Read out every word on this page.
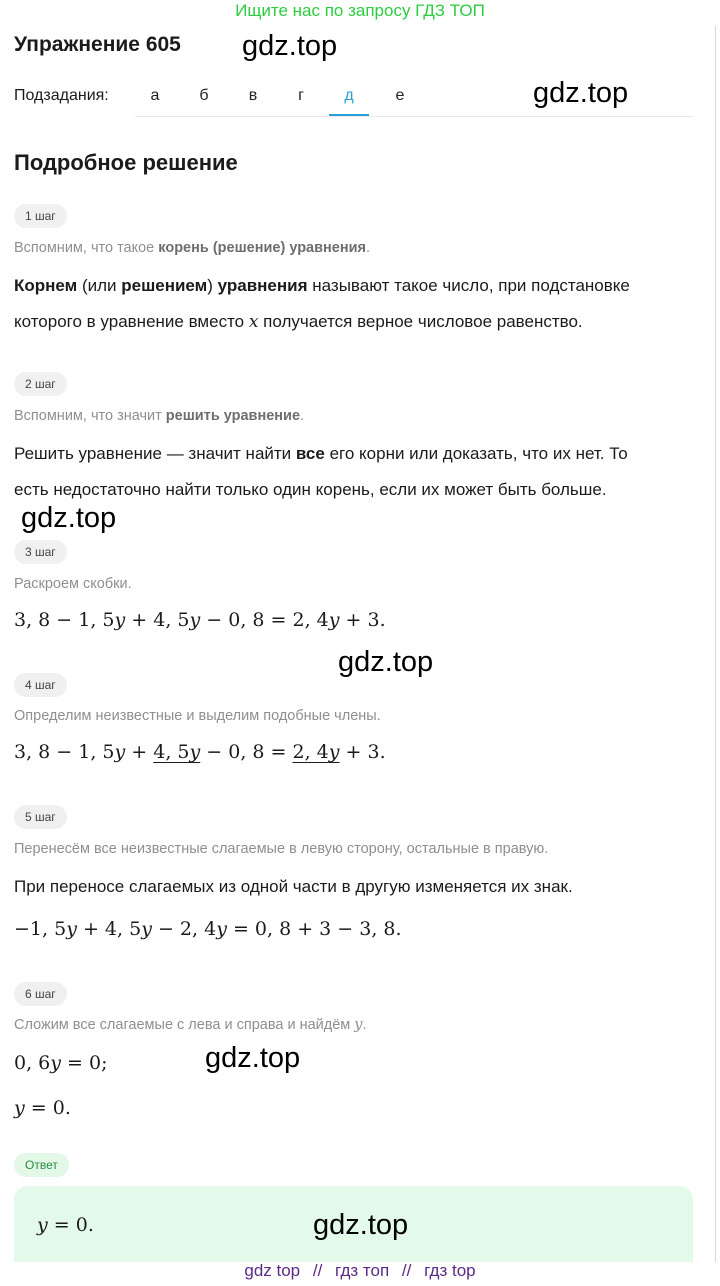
Ищите нас по запросу ГДЗ ТОП
Упражнение 605 gdz.top
Подзадания:	а	б	в	г	д	е	gdz.top
Подробное решение
1 шаг
Вспомним, что такое корень (решение) уравнения.
Корнем (или решением) уравнения называют такое число, при подстановке
которого в уравнение вместо x получается верное числовое равенство.
2 шаг
Вспомним, что значит решить уравнение.
Решить уравнение — значит найти все его корни или доказать, что их нет. То
есть недостаточно найти только один корень, если их может быть больше.
gdz.top
3 шаг
Раскроем скобки.
3, 8 − 1, 5y + 4, 5y − 0, 8 = 2, 4y + 3.
gdz.top
4 шаг
Определим неизвестные и выделим подобные члены.
3, 8 − 1, 5y + 4, 5y − 0, 8 = 2, 4y + 3.
5 шаг
Перенесём все неизвестные слагаемые в левую сторону, остальные в правую.
При переносе слагаемых из одной части в другую изменяется их знак.
−1, 5y + 4, 5y − 2, 4y = 0, 8 + 3 − 3, 8.
6 шаг
Сложим все слагаемые с лева и справа и найдём y.
0, 6y = 0;	gdz.top
y = 0.
Ответ
y = 0.	gdz.top
gdz top // гдз топ // гдз top
